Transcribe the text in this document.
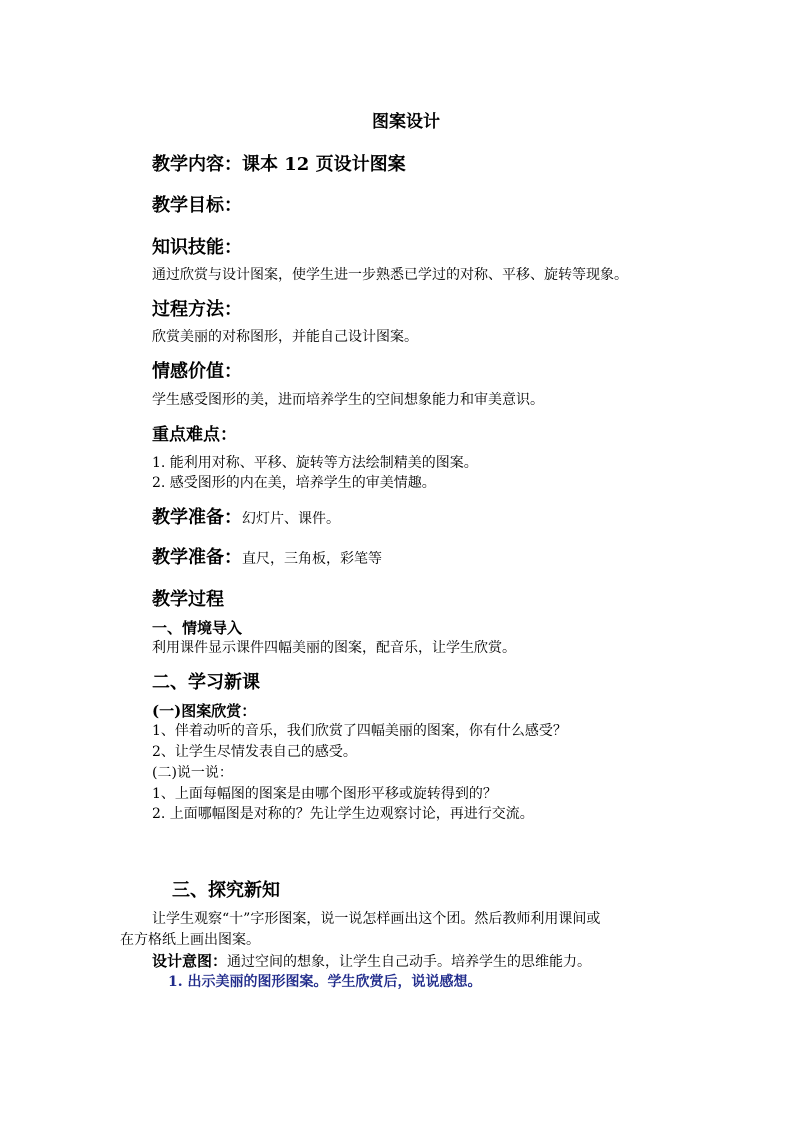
图案设计

教学内容：课本 12 页设计图案

教学目标：

知识技能：

通过欣赏与设计图案，使学生进一步熟悉已学过的对称、平移、旋转等现象。

过程方法：

欣赏美丽的对称图形，并能自己设计图案。

情感价值：

学生感受图形的美，进而培养学生的空间想象能力和审美意识。

重点难点：

1. 能利用对称、平移、旋转等方法绘制精美的图案。

2. 感受图形的内在美，培养学生的审美情趣。

教学准备：幻灯片、课件。

教学准备：直尺，三角板，彩笔等

教学过程

一、情境导入

利用课件显示课件四幅美丽的图案，配音乐，让学生欣赏。

二、学习新课

(一)图案欣赏：

1、伴着动听的音乐，我们欣赏了四幅美丽的图案，你有什么感受？

2、让学生尽情发表自己的感受。

(二)说一说：

1、上面每幅图的图案是由哪个图形平移或旋转得到的？

2. 上面哪幅图是对称的？先让学生边观察讨论，再进行交流。

三、探究新知

让学生观察“十”字形图案，说一说怎样画出这个团。然后教师利用课间或

在方格纸上画出图案。

设计意图：通过空间的想象，让学生自己动手。培养学生的思维能力。

1. 出示美丽的图形图案。学生欣赏后，说说感想。
